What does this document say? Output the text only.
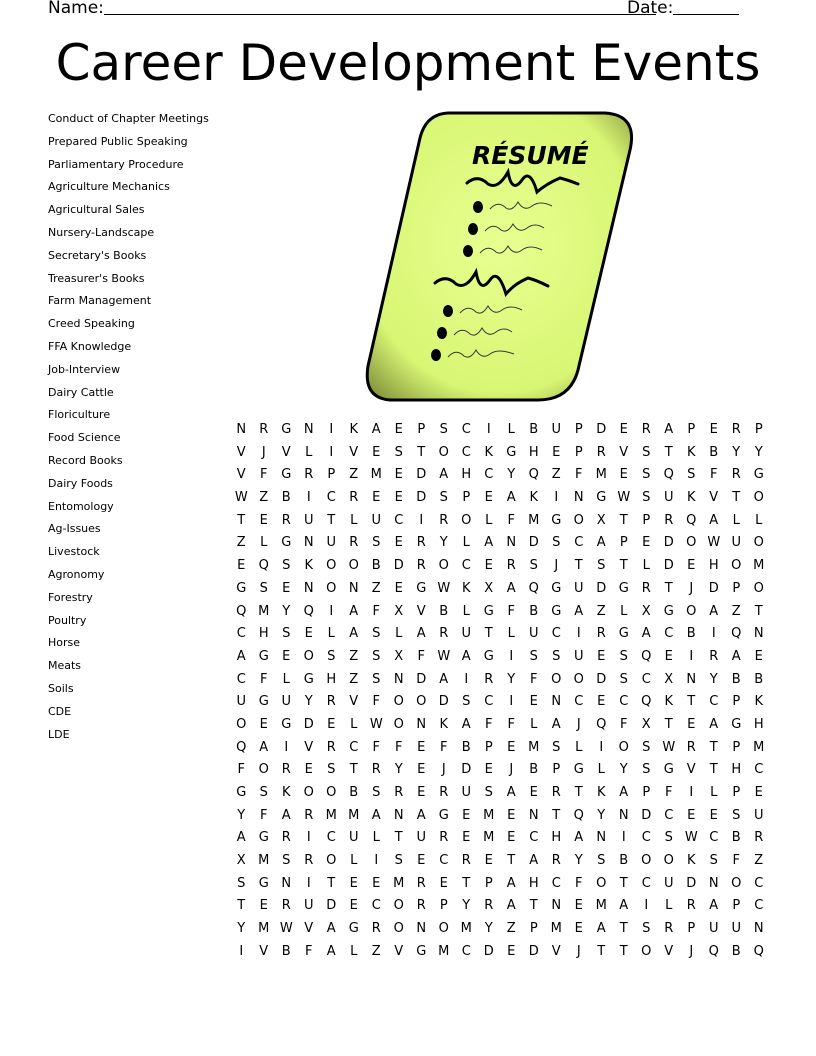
Name:	Date:
Career Development Events
Conduct of Chapter Meetings
Prepared Public Speaking
Parliamentary Procedure
Agriculture Mechanics
Agricultural Sales
Nursery-Landscape
Secretary's Books
Treasurer's Books
Farm Management
Creed Speaking
FFA Knowledge
Job-Interview
Dairy Cattle
Floriculture
Food Science
Record Books
Dairy Foods
Entomology
Ag-Issues
Livestock
Agronomy
Forestry
Poultry
Horse
Meats
Soils
CDE
LDE
RÉSUMÉ
N	R G N	I	K	A	E	P	S	C	I	L	B	U	P	D	E	R	A	P	E	R	P
V	J	V	L	I	V	E	S	T	O C	K	G H	E	P	R	V	S	T	K	B	Y	Y
V	F	G R	P	Z M E	D	A	H	C	Y	Q Z	F	M E	S	Q	S	F	R G
W Z	B	I	C	R	E	E	D	S	P	E	A	K	I	N G W S	U	K	V	T	O
T	E	R	U	T	L	U	C	I	R O	L	F	M G O X	T	P	R Q A	L	L
Z	L	G N U	R	S	E	R	Y	L	A	N D	S	C	A	P	E	D O W U O
E	Q	S	K	O O B	D R O C	E	R	S	J	T	S	T	L	D	E	H O M
G	S	E	N O N	Z	E	G W K	X	A Q G U D G R	T	J	D	P	O
Q M Y	Q	I	A	F	X	V	B	L	G	F	B	G	A	Z	L	X	G O A	Z	T
C	H	S	E	L	A	S	L	A	R	U	T	L	U	C	I	R G	A	C	B	I	Q N
A	G	E	O	S	Z	S	X	F W A	G	I	S	S	U	E	S	Q	E	I	R	A	E
C	F	L	G H	Z	S	N D	A	I	R	Y	F	O O D	S	C	X	N	Y	B	B
U G U	Y	R	V	F	O O D	S	C	I	E	N	C	E	C Q	K	T	C	P	K
O	E	G D	E	L W O N	K	A	F	F	L	A	J	Q	F	X	T	E	A	G H
Q A	I	V	R	C	F	F	E	F	B	P	E M S	L	I	O	S W R	T	P M
F	O R	E	S	T	R	Y	E	J	D	E	J	B	P	G	L	Y	S	G	V	T	H	C
G	S	K	O O B	S	R	E	R	U	S	A	E	R	T	K	A	P	F	I	L	P	E
Y	F	A	R M M A	N	A	G	E M E	N	T	Q	Y	N D C	E	E	S	U
A	G R	I	C	U	L	T	U	R	E M E	C	H	A	N	I	C	S W C	B	R
X M S	R O	L	I	S	E	C	R	E	T	A	R	Y	S	B O O	K	S	F	Z
S	G N	I	T	E	E M R	E	T	P	A	H	C	F	O	T	C	U D N O C
T	E	R	U D	E	C O R	P	Y	R	A	T	N	E M A	I	L	R	A	P	C
Y M W V	A	G R O N O M Y	Z	P M E	A	T	S	R	P	U U N
I	V	B	F	A	L	Z	V	G M C D	E	D	V	J	T	T	O V	J	Q B Q
